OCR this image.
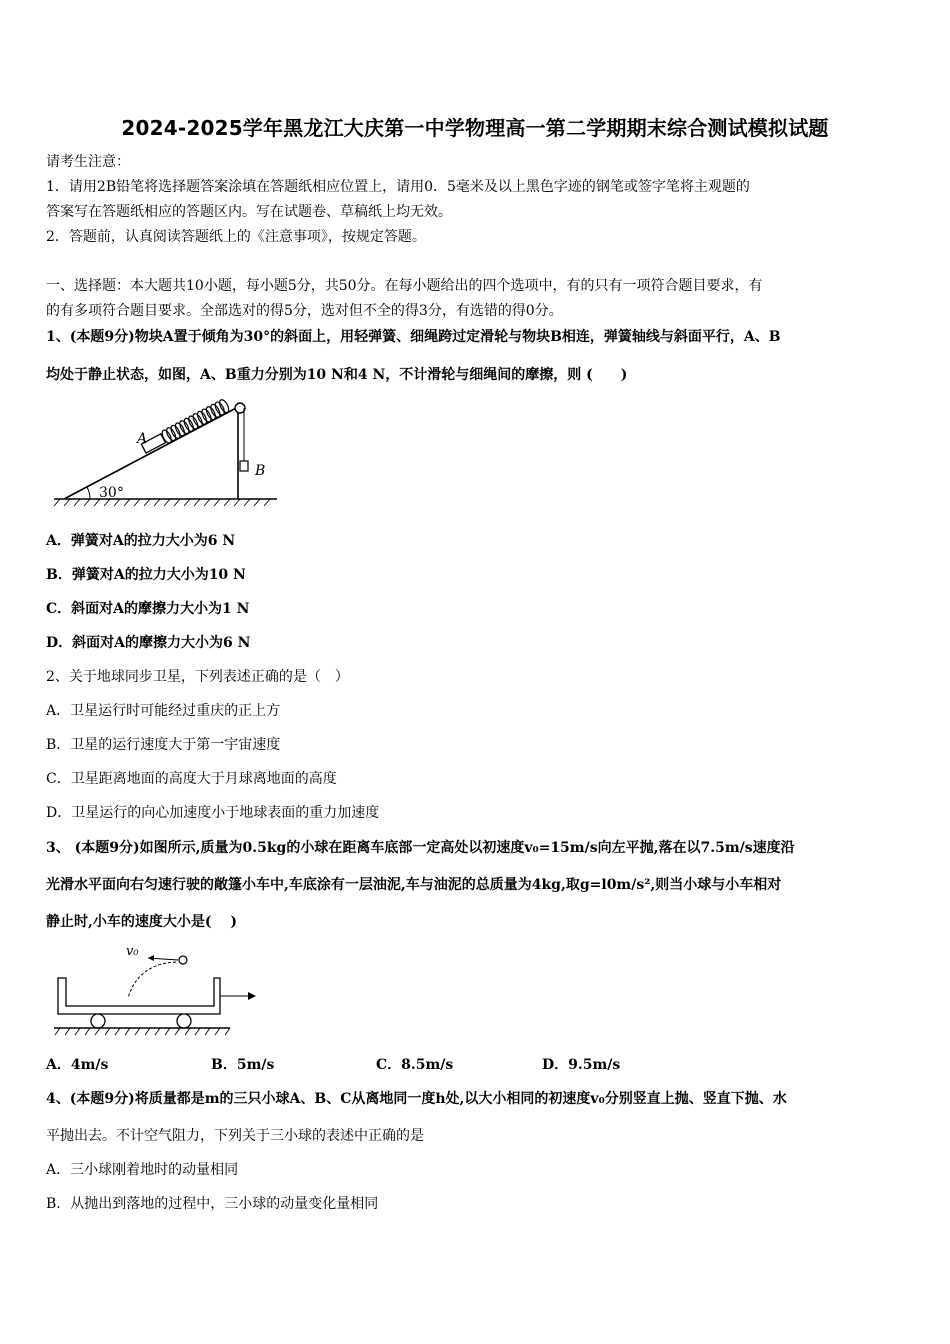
2024-2025学年黑龙江大庆第一中学物理高一第二学期期末综合测试模拟试题
请考生注意：
1．请用2B铅笔将选择题答案涂填在答题纸相应位置上，请用0．5毫米及以上黑色字迹的钢笔或签字笔将主观题的
答案写在答题纸相应的答题区内。写在试题卷、草稿纸上均无效。
2．答题前，认真阅读答题纸上的《注意事项》，按规定答题。
一、选择题：本大题共10小题，每小题5分，共50分。在每小题给出的四个选项中，有的只有一项符合题目要求，有
的有多项符合题目要求。全部选对的得5分，选对但不全的得3分，有选错的得0分。
1、(本题9分)物块A置于倾角为30°的斜面上，用轻弹簧、细绳跨过定滑轮与物块B相连，弹簧轴线与斜面平行，A、B
均处于静止状态，如图，A、B重力分别为10 N和4 N，不计滑轮与细绳间的摩擦，则 (　　)
30°
A
B
A．弹簧对A的拉力大小为6 N
B．弹簧对A的拉力大小为10 N
C．斜面对A的摩擦力大小为1 N
D．斜面对A的摩擦力大小为6 N
2、关于地球同步卫星，下列表述正确的是（　）
A．卫星运行时可能经过重庆的正上方
B．卫星的运行速度大于第一宇宙速度
C．卫星距离地面的高度大于月球离地面的高度
D．卫星运行的向心加速度小于地球表面的重力加速度
3、 (本题9分)如图所示,质量为0.5kg的小球在距离车底部一定高处以初速度v₀=15m/s向左平抛,落在以7.5m/s速度沿
光滑水平面向右匀速行驶的敞篷小车中,车底涂有一层油泥,车与油泥的总质量为4kg,取g=l0m/s²,则当小球与小车相对
静止时,小车的速度大小是(　 )
v₀
A．4m/s	B．5m/s	C．8.5m/s	D．9.5m/s
4、(本题9分)将质量都是m的三只小球A、B、C从离地同一度h处,以大小相同的初速度v₀分别竖直上抛、竖直下抛、水
平抛出去。不计空气阻力，下列关于三小球的表述中正确的是
A．三小球刚着地时的动量相同
B．从抛出到落地的过程中，三小球的动量变化量相同
